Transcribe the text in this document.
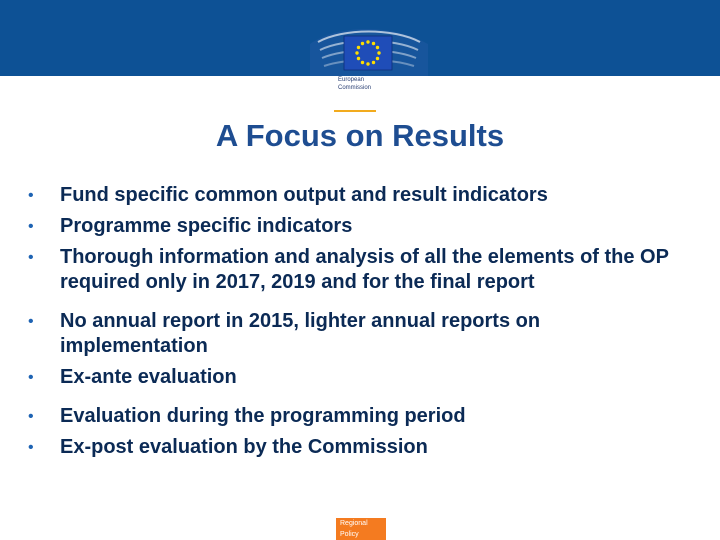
European
Commission
A Focus on Results
•	Fund specific common output and result indicators
•	Programme specific indicators
•	Thorough information and analysis of all the elements of the OP required only in 2017, 2019 and for the final report
•	No annual report in 2015, lighter annual reports on implementation
•	Ex-ante evaluation
•	Evaluation during the programming period
•	Ex-post evaluation by the Commission
Regional
Policy
